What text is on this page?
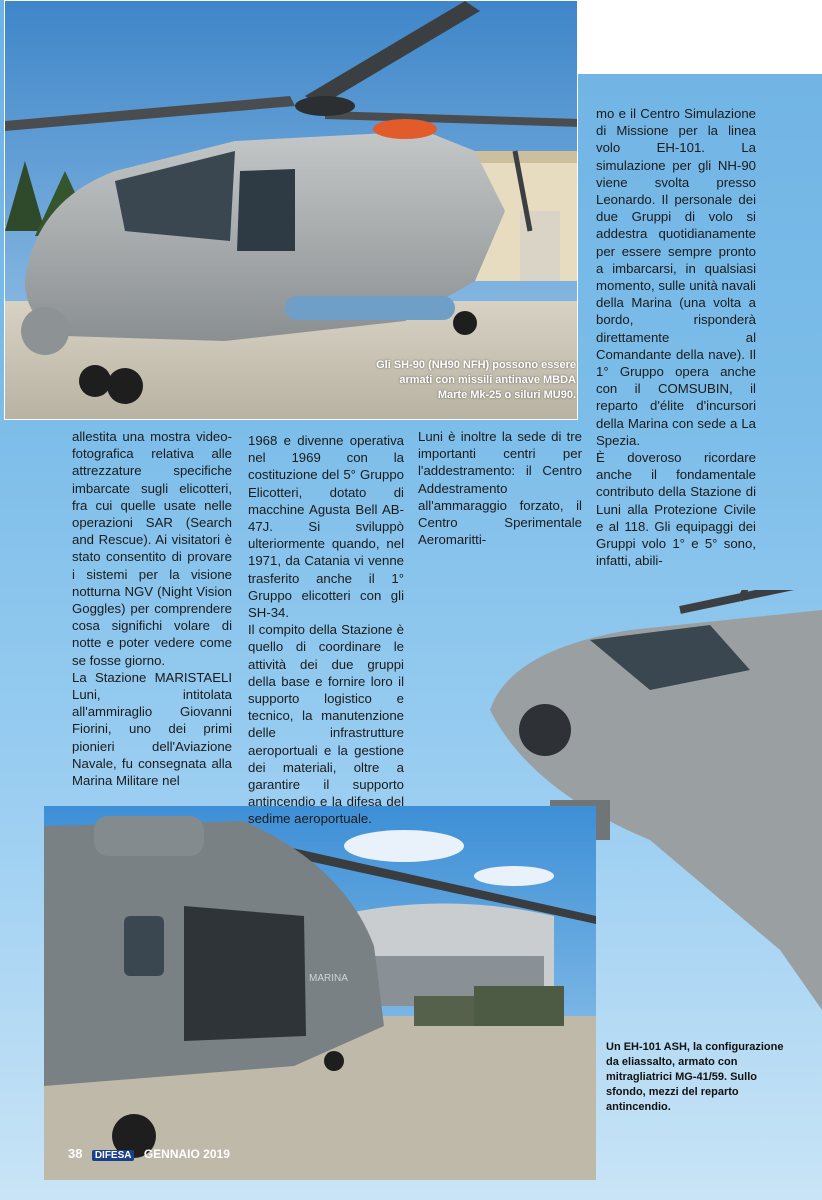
Gli SH-90 (NH90 NFH) possono essere armati con missili antinave MBDA Marte Mk-25 o siluri MU90.
MARINA
Un EH-101 ASH, la configurazione da eliassalto, armato con mitragliatrici MG-41/59. Sullo sfondo, mezzi del reparto antincendio.

allestita una mostra video-fotografica relativa alle attrezzature specifiche imbarcate sugli elicotteri, fra cui quelle usate nelle operazioni SAR (Search and Rescue). Ai visitatori è stato consentito di provare i sistemi per la visione notturna NGV (Night Vision Goggles) per comprendere cosa significhi volare di notte e poter vedere come se fosse giorno.

La Stazione MARISTAELI Luni, intitolata all'ammiraglio Giovanni Fiorini, uno dei primi pionieri dell'Aviazione Navale, fu consegnata alla Marina Militare nel

1968 e divenne operativa nel 1969 con la costituzione del 5° Gruppo Elicotteri, dotato di macchine Agusta Bell AB-47J. Si sviluppò ulteriormente quando, nel 1971, da Catania vi venne trasferito anche il 1° Gruppo elicotteri con gli SH-34.

Il compito della Stazione è quello di coordinare le attività dei due gruppi della base e fornire loro il supporto logistico e tecnico, la manutenzione delle infrastrutture aeroportuali e la gestione dei materiali, oltre a garantire il supporto antincendio e la difesa del sedime aeroportuale.

Luni è inoltre la sede di tre importanti centri per l'addestramento: il Centro Addestramento all'ammaraggio forzato, il Centro Sperimentale Aeromaritti-

mo e il Centro Simulazione di Missione per la linea volo EH-101. La simulazione per gli NH-90 viene svolta presso Leonardo. Il personale dei due Gruppi di volo si addestra quotidianamente per essere sempre pronto a imbarcarsi, in qualsiasi momento, sulle unità navali della Marina (una volta a bordo, risponderà direttamente al Comandante della nave). Il 1° Gruppo opera anche con il COMSUBIN, il reparto d'élite d'incursori della Marina con sede a La Spezia.

È doveroso ricordare anche il fondamentale contributo della Stazione di Luni alla Protezione Civile e al 118. Gli equipaggi dei Gruppi volo 1° e 5° sono, infatti, abili-

38 DIFESA GENNAIO 2019
